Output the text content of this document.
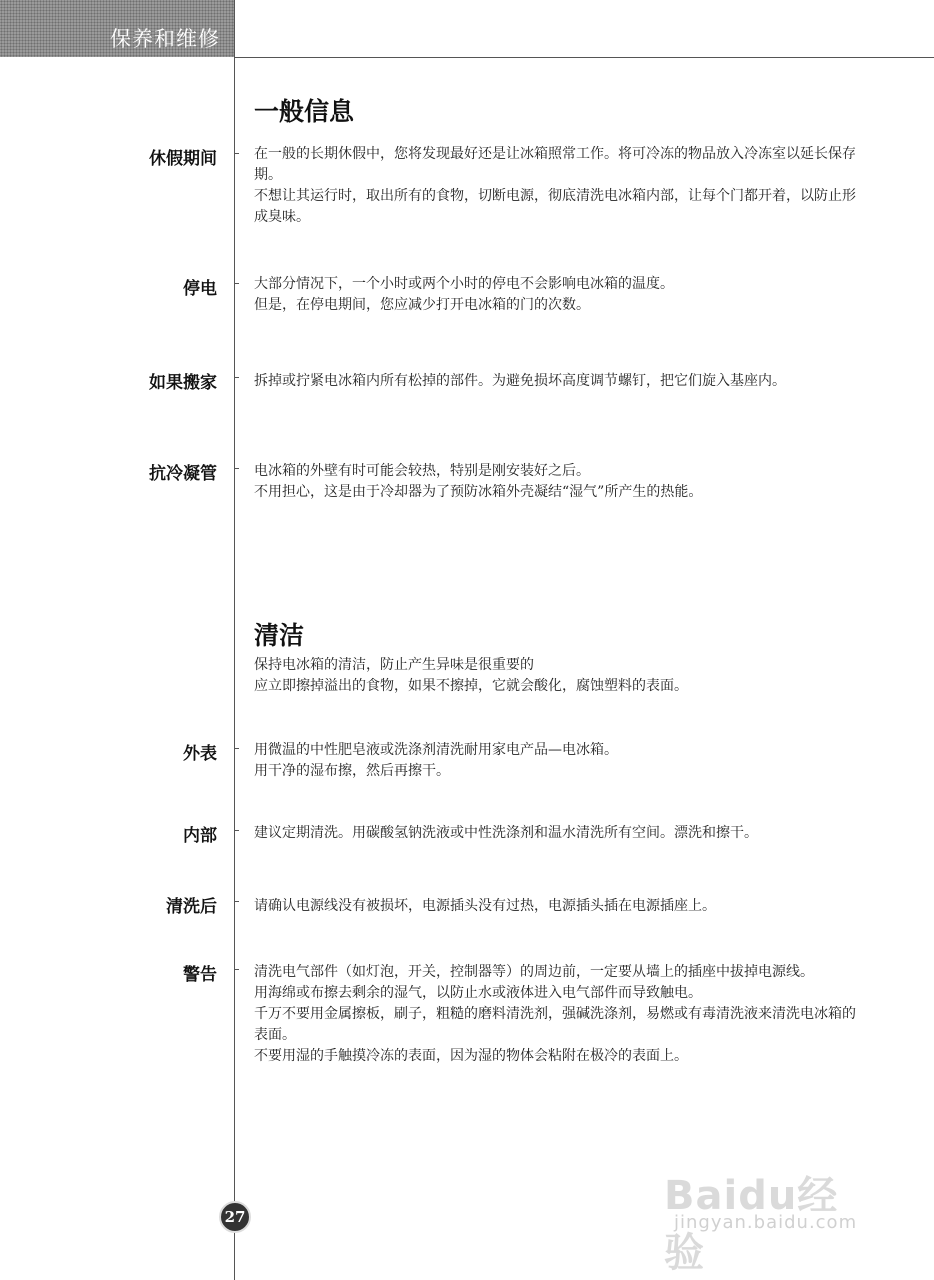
保养和维修
一般信息
休假期间	在一般的长期休假中，您将发现最好还是让冰箱照常工作。将可冷冻的物品放入冷冻室以延长保存期。

不想让其运行时，取出所有的食物，切断电源，彻底清洗电冰箱内部，让每个门都开着，以防止形成臭味。

停电	大部分情况下，一个小时或两个小时的停电不会影响电冰箱的温度。

但是，在停电期间，您应减少打开电冰箱的门的次数。

如果搬家	拆掉或拧紧电冰箱内所有松掉的部件。为避免损坏高度调节螺钉，把它们旋入基座内。

抗冷凝管	电冰箱的外壁有时可能会较热，特别是刚安装好之后。

不用担心，这是由于冷却器为了预防冰箱外壳凝结“湿气”所产生的热能。

清洁

保持电冰箱的清洁，防止产生异味是很重要的

应立即擦掉溢出的食物，如果不擦掉，它就会酸化，腐蚀塑料的表面。

外表	用微温的中性肥皂液或洗涤剂清洗耐用家电产品—电冰箱。

用干净的湿布擦，然后再擦干。

内部	建议定期清洗。用碳酸氢钠洗液或中性洗涤剂和温水清洗所有空间。漂洗和擦干。

清洗后	请确认电源线没有被损坏，电源插头没有过热，电源插头插在电源插座上。

警告	清洗电气部件（如灯泡，开关，控制器等）的周边前，一定要从墙上的插座中拔掉电源线。

用海绵或布擦去剩余的湿气，以防止水或液体进入电气部件而导致触电。

千万不要用金属擦板，刷子，粗糙的磨料清洗剂，强碱洗涤剂，易燃或有毒清洗液来清洗电冰箱的表面。

不要用湿的手触摸冷冻的表面，因为湿的物体会粘附在极冷的表面上。

27	Baidu经验
jingyan.baidu.com
